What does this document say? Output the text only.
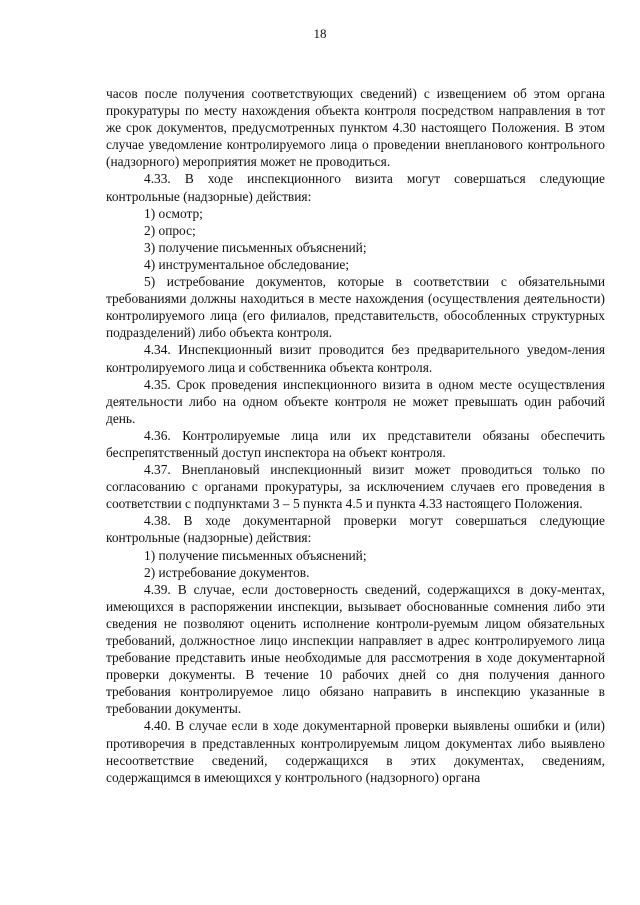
18

часов после получения соответствующих сведений) с извещением об этом органа прокуратуры по месту нахождения объекта контроля посредством направления в тот же срок документов, предусмотренных пунктом 4.30 настоящего Положения. В этом случае уведомление контролируемого лица о проведении внепланового контрольного (надзорного) мероприятия может не проводиться.

4.33. В ходе инспекционного визита могут совершаться следующие контрольные (надзорные) действия:

1) осмотр;

2) опрос;

3) получение письменных объяснений;

4) инструментальное обследование;

5) истребование документов, которые в соответствии с обязательными требованиями должны находиться в месте нахождения (осуществления деятельности) контролируемого лица (его филиалов, представительств, обособленных структурных подразделений) либо объекта контроля.

4.34. Инспекционный визит проводится без предварительного уведом-ления контролируемого лица и собственника объекта контроля.

4.35. Срок проведения инспекционного визита в одном месте осуществления деятельности либо на одном объекте контроля не может превышать один рабочий день.

4.36. Контролируемые лица или их представители обязаны обеспечить беспрепятственный доступ инспектора на объект контроля.

4.37. Внеплановый инспекционный визит может проводиться только по согласованию с органами прокуратуры, за исключением случаев его проведения в соответствии с подпунктами 3 – 5 пункта 4.5 и пункта 4.33 настоящего Положения.

4.38. В ходе документарной проверки могут совершаться следующие контрольные (надзорные) действия:

1) получение письменных объяснений;

2) истребование документов.

4.39. В случае, если достоверность сведений, содержащихся в доку-ментах, имеющихся в распоряжении инспекции, вызывает обоснованные сомнения либо эти сведения не позволяют оценить исполнение контроли-руемым лицом обязательных требований, должностное лицо инспекции направляет в адрес контролируемого лица требование представить иные необходимые для рассмотрения в ходе документарной проверки документы. В течение 10 рабочих дней со дня получения данного требования контролируемое лицо обязано направить в инспекцию указанные в требовании документы.

4.40. В случае если в ходе документарной проверки выявлены ошибки и (или) противоречия в представленных контролируемым лицом документах либо выявлено несоответствие сведений, содержащихся в этих документах, сведениям, содержащимся в имеющихся у контрольного (надзорного) органа
